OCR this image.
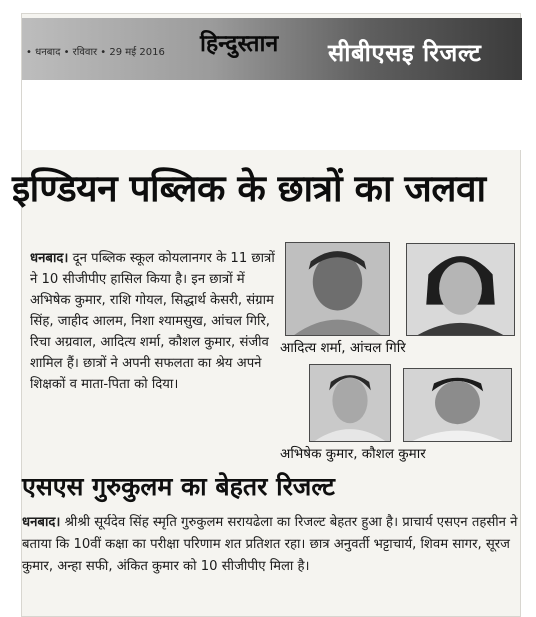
• धनबाद • रविवार • 29 मई 2016 हिन्दुस्तान सीबीएसइ रिजल्ट
इण्डियन पब्लिक के छात्रों का जलवा

धनबाद। दून पब्लिक स्कूल कोयलानगर के 11 छात्रों ने 10 सीजीपीए हासिल किया है। इन छात्रों में अभिषेक कुमार, राशि गोयल, सिद्धार्थ केसरी, संग्राम सिंह, जाहीद आलम, निशा श्यामसुख, आंचल गिरि, रिचा अग्रवाल, आदित्य शर्मा, कौशल कुमार, संजीव शामिल हैं। छात्रों ने अपनी सफलता का श्रेय अपने शिक्षकों व माता-पिता को दिया।

आदित्य शर्मा, आंचल गिरि
अभिषेक कुमार, कौशल कुमार
एसएस गुरुकुलम का बेहतर रिजल्ट

धनबाद। श्रीश्री सूर्यदेव सिंह स्मृति गुरुकुलम सरायढेला का रिजल्ट बेहतर हुआ है। प्राचार्य एसएन तहसीन ने बताया कि 10वीं कक्षा का परीक्षा परिणाम शत प्रतिशत रहा। छात्र अनुवर्ती भट्टाचार्य, शिवम सागर, सूरज कुमार, अन्हा सफी, अंकित कुमार को 10 सीजीपीए मिला है।
